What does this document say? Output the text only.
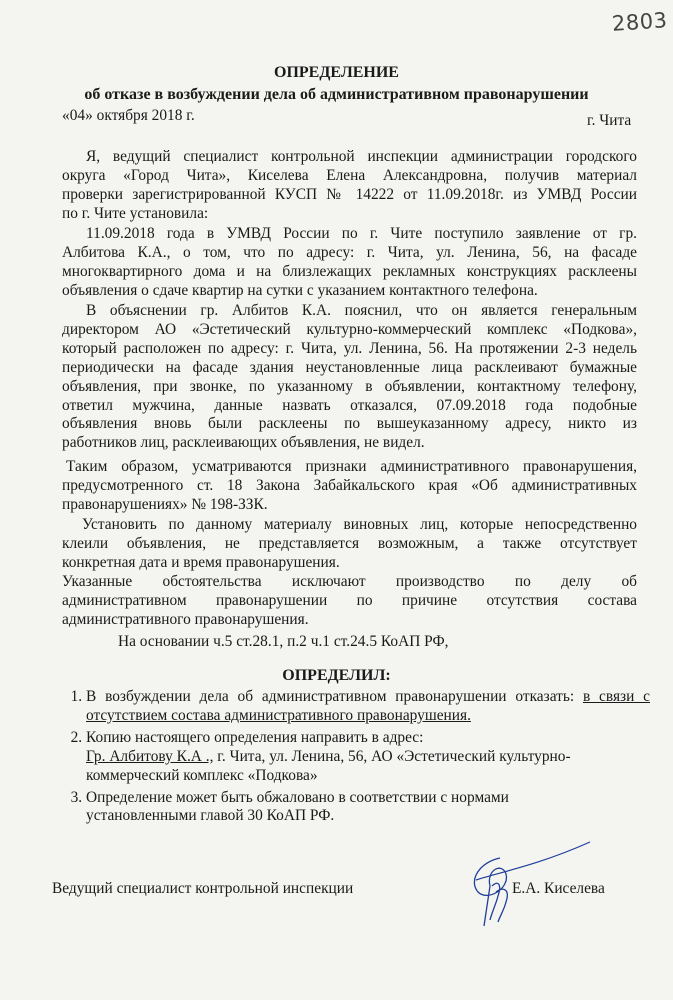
2803
ОПРЕДЕЛЕНИЕ
об отказе в возбуждении дела об административном правонарушении
«04» октября 2018 г.	г. Чита
Я, ведущий специалист контрольной инспекции администрации городского
округа «Город Чита», Киселева Елена Александровна, получив материал
проверки зарегистрированной КУСП № 14222 от 11.09.2018г. из УМВД России
по г. Чите установила:
11.09.2018 года в УМВД России по г. Чите поступило заявление от гр.
Албитова К.А., о том, что по адресу: г. Чита, ул. Ленина, 56, на фасаде
многоквартирного дома и на близлежащих рекламных конструкциях расклеены
объявления о сдаче квартир на сутки с указанием контактного телефона.
В объяснении гр. Албитов К.А. пояснил, что он является генеральным
директором АО «Эстетический культурно-коммерческий комплекс «Подкова»,
который расположен по адресу: г. Чита, ул. Ленина, 56. На протяжении 2-3 недель
периодически на фасаде здания неустановленные лица расклеивают бумажные
объявления, при звонке, по указанному в объявлении, контактному телефону,
ответил мужчина, данные назвать отказался, 07.09.2018 года подобные
объявления вновь были расклеены по вышеуказанному адресу, никто из
работников лиц, расклеивающих объявления, не видел.
Таким образом, усматриваются признаки административного правонарушения,
предусмотренного ст. 18 Закона Забайкальского края «Об административных
правонарушениях» № 198-ЗЗК.
Установить по данному материалу виновных лиц, которые непосредственно
клеили объявления, не представляется возможным, а также отсутствует
конкретная дата и время правонарушения.
Указанные обстоятельства исключают производство по делу об
административном правонарушении по причине отсутствия состава
административного правонарушения.
На основании ч.5 ст.28.1, п.2 ч.1 ст.24.5 КоАП РФ,
ОПРЕДЕЛИЛ:
1. В возбуждении дела об административном правонарушении отказать: в связи с отсутствием состава административного правонарушения.
2. Копию настоящего определения направить в адрес:
Гр. Албитову К.А ., г. Чита, ул. Ленина, 56, АО «Эстетический культурно-коммерческий комплекс «Подкова»
3. Определение может быть обжаловано в соответствии с нормами установленными главой 30 КоАП РФ.
Ведущий специалист контрольной инспекции	Е.А. Киселева
